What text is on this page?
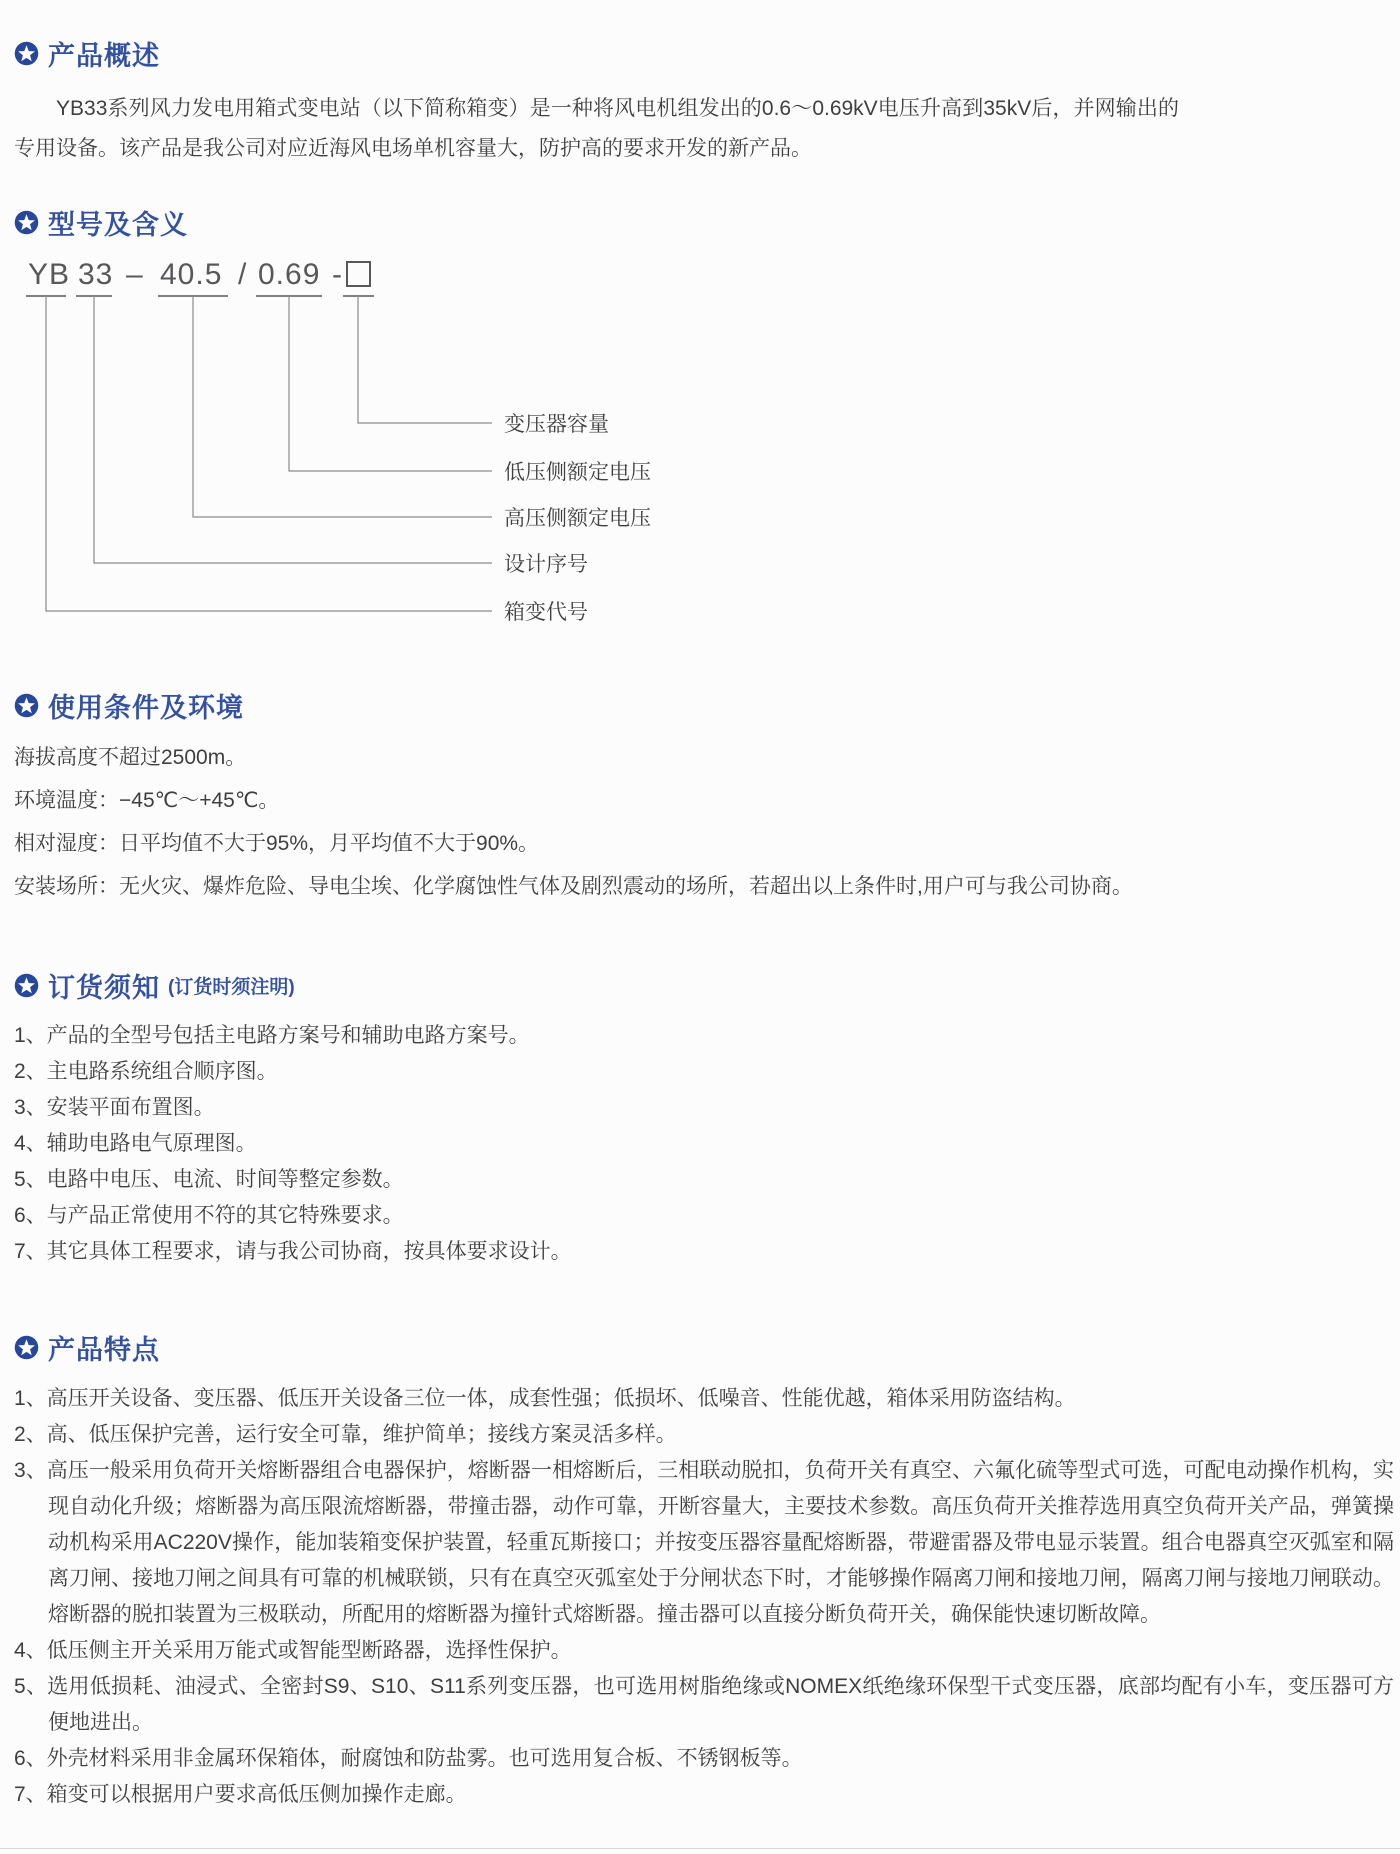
产品概述

YB33系列风力发电用箱式变电站（以下简称箱变）是一种将风电机组发出的0.6～0.69kV电压升高到35kV后，并网输出的专用设备。该产品是我公司对应近海风电场单机容量大，防护高的要求开发的新产品。

型号及含义
YB 33 – 40.5 / 0.69 -
变压器容量
低压侧额定电压
高压侧额定电压
设计序号
箱变代号
使用条件及环境
海拔高度不超过2500m。
环境温度：−45℃～+45℃。
相对湿度：日平均值不大于95%，月平均值不大于90%。
安装场所：无火灾、爆炸危险、导电尘埃、化学腐蚀性气体及剧烈震动的场所，若超出以上条件时,用户可与我公司协商。
订货须知 (订货时须注明)
1、产品的全型号包括主电路方案号和辅助电路方案号。
2、主电路系统组合顺序图。
3、安装平面布置图。
4、辅助电路电气原理图。
5、电路中电压、电流、时间等整定参数。
6、与产品正常使用不符的其它特殊要求。
7、其它具体工程要求，请与我公司协商，按具体要求设计。
产品特点
1、高压开关设备、变压器、低压开关设备三位一体，成套性强；低损坏、低噪音、性能优越，箱体采用防盗结构。
2、高、低压保护完善，运行安全可靠，维护简单；接线方案灵活多样。
3、高压一般采用负荷开关熔断器组合电器保护，熔断器一相熔断后，三相联动脱扣，负荷开关有真空、六氟化硫等型式可选，可配电动操作机构，实现自动化升级；熔断器为高压限流熔断器，带撞击器，动作可靠，开断容量大，主要技术参数。高压负荷开关推荐选用真空负荷开关产品，弹簧操动机构采用AC220V操作，能加装箱变保护装置，轻重瓦斯接口；并按变压器容量配熔断器，带避雷器及带电显示装置。组合电器真空灭弧室和隔离刀闸、接地刀闸之间具有可靠的机械联锁，只有在真空灭弧室处于分闸状态下时，才能够操作隔离刀闸和接地刀闸，隔离刀闸与接地刀闸联动。熔断器的脱扣装置为三极联动，所配用的熔断器为撞针式熔断器。撞击器可以直接分断负荷开关，确保能快速切断故障。
4、低压侧主开关采用万能式或智能型断路器，选择性保护。
5、选用低损耗、油浸式、全密封S9、S10、S11系列变压器，也可选用树脂绝缘或NOMEX纸绝缘环保型干式变压器，底部均配有小车，变压器可方便地进出。
6、外壳材料采用非金属环保箱体，耐腐蚀和防盐雾。也可选用复合板、不锈钢板等。
7、箱变可以根据用户要求高低压侧加操作走廊。
